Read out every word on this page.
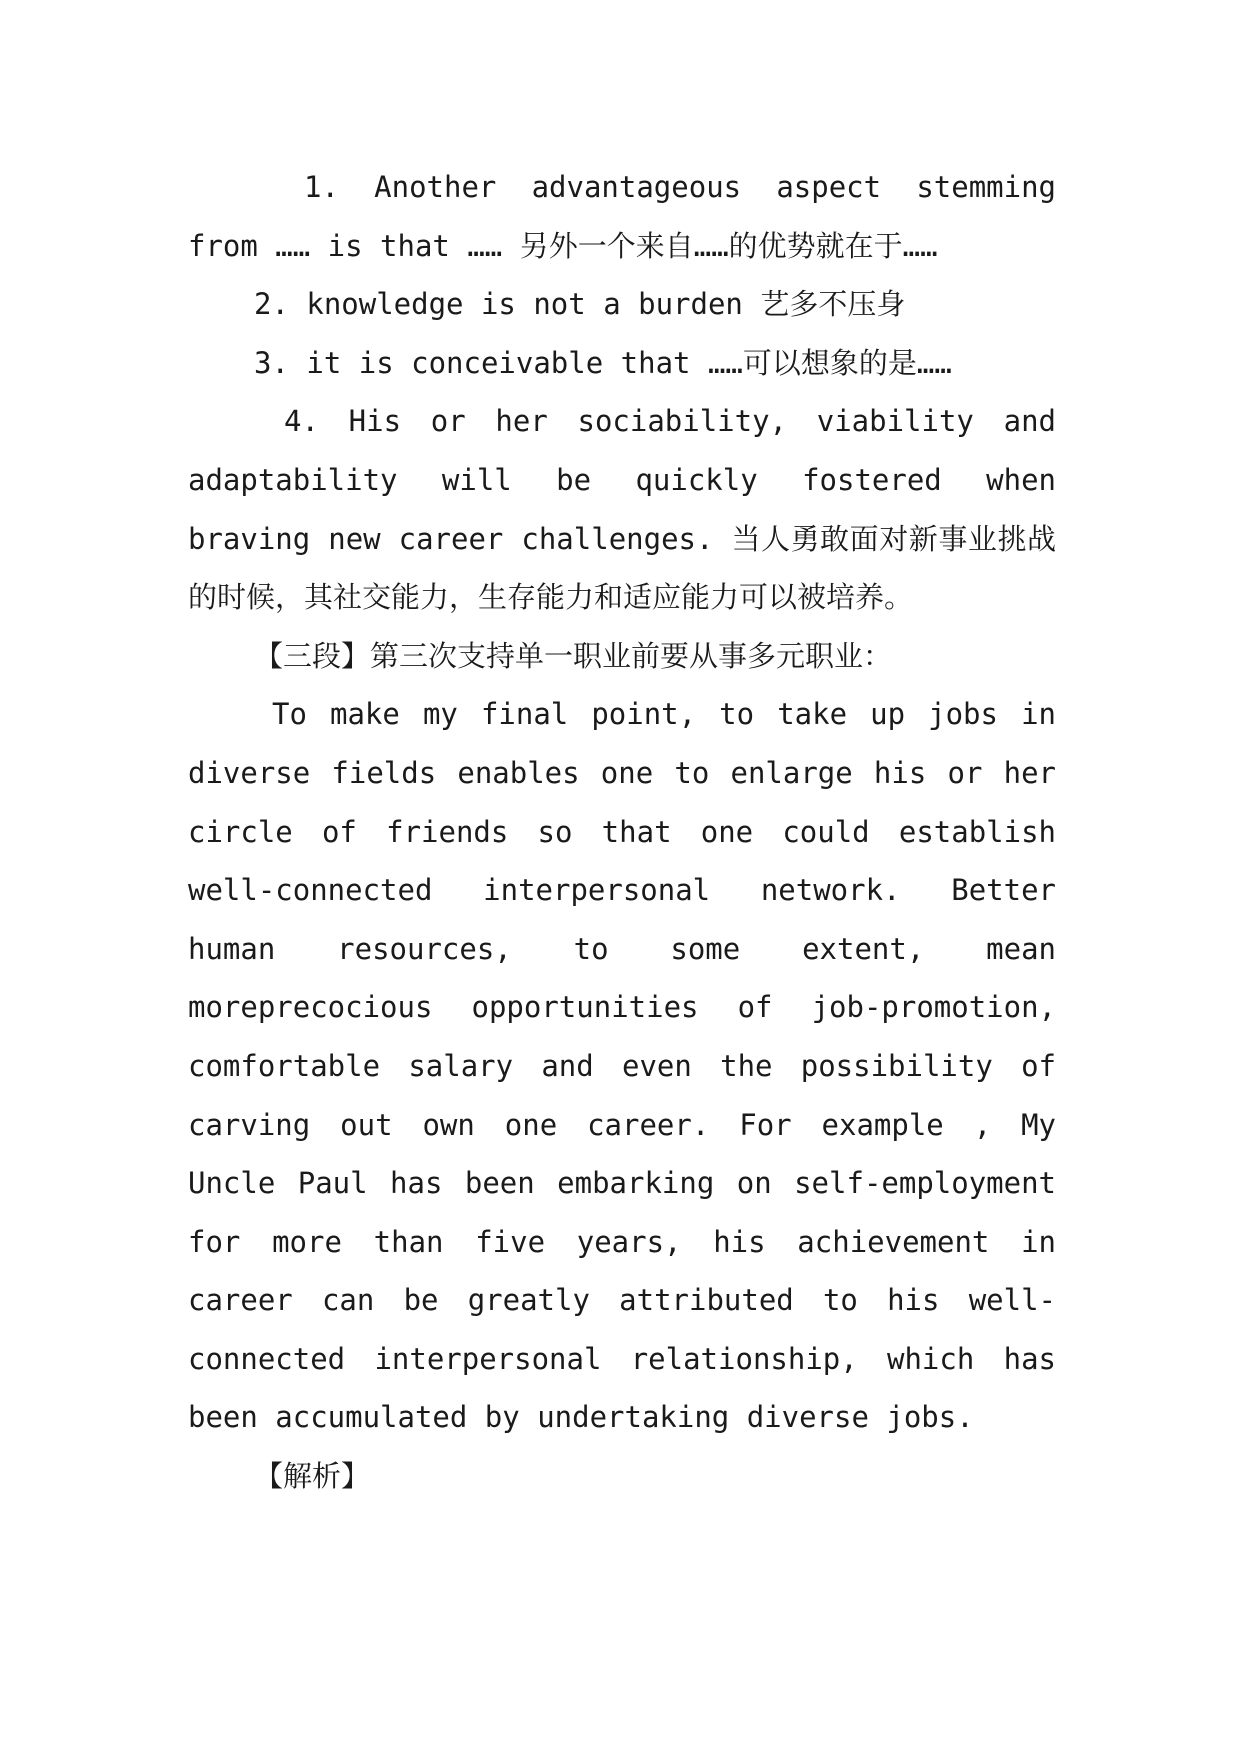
1. Another advantageous aspect stemming from …… is that …… 另外一个来自……的优势就在于……

2. knowledge is not a burden 艺多不压身

3. it is conceivable that ……可以想象的是……

4. His or her sociability, viability and adaptability will be quickly fostered when braving new career challenges. 当人勇敢面对新事业挑战的时候，其社交能力，生存能力和适应能力可以被培养。

【三段】第三次支持单一职业前要从事多元职业：

To make my final point, to take up jobs in diverse fields enables one to enlarge his or her circle of friends so that one could establish well-connected interpersonal network. Better human resources, to some extent, mean moreprecocious opportunities of job-promotion, comfortable salary and even the possibility of carving out own one career. For example , My Uncle Paul has been embarking on self-employment for more than five years, his achievement in career can be greatly attributed to his well-connected interpersonal relationship, which has been accumulated by undertaking diverse jobs.

【解析】
